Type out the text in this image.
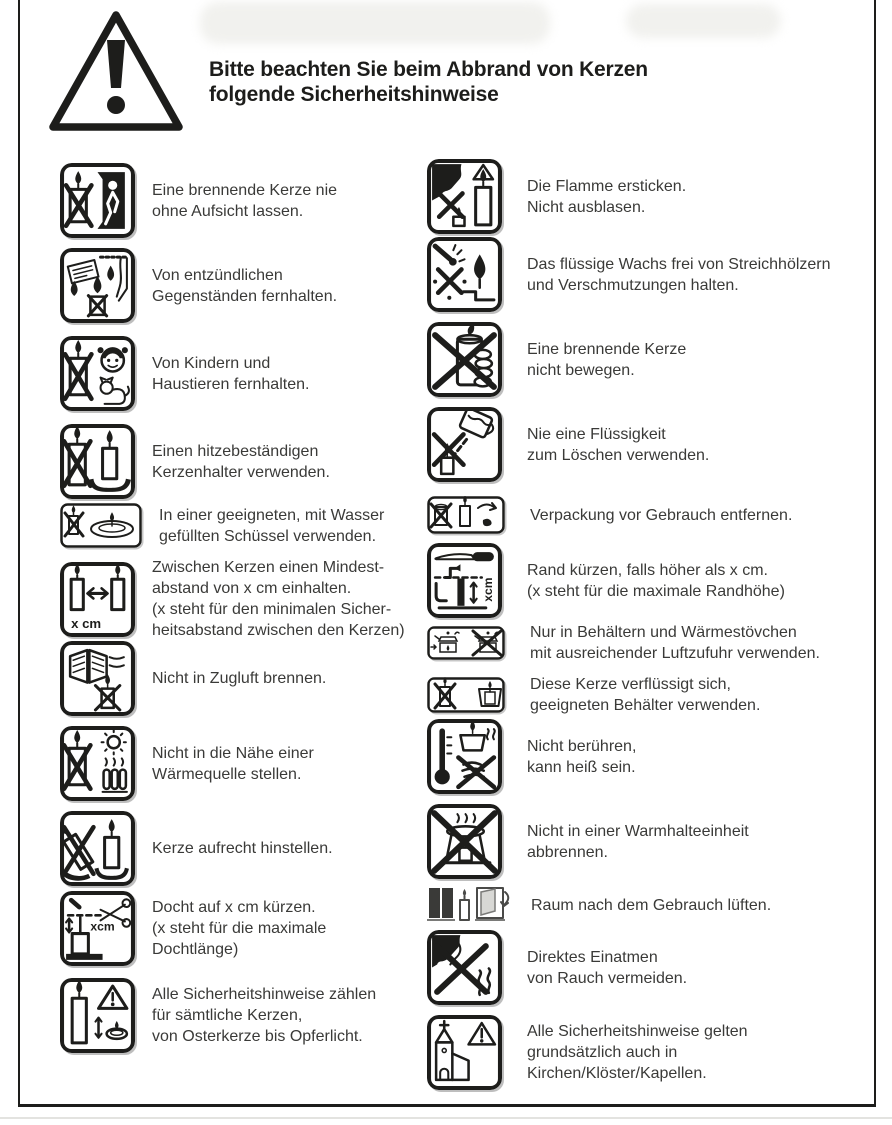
Bitte beachten Sie beim Abbrand von Kerzen
folgende Sicherheitshinweise
Eine brennende Kerze nie
ohne Aufsicht lassen.
Von entzündlichen
Gegenständen fernhalten.
Von Kindern und
Haustieren fernhalten.
Einen hitzebeständigen
Kerzenhalter verwenden.
In einer geeigneten, mit Wasser
gefüllten Schüssel verwenden.
x cm
Zwischen Kerzen einen Mindest-
abstand von x cm einhalten.
(x steht für den minimalen Sicher-
heitsabstand zwischen den Kerzen)
Nicht in Zugluft brennen.
Nicht in die Nähe einer
Wärmequelle stellen.
Kerze aufrecht hinstellen.
xcm
Docht auf x cm kürzen.
(x steht für die maximale
Dochtlänge)
Alle Sicherheitshinweise zählen
für sämtliche Kerzen,
von Osterkerze bis Opferlicht.
Die Flamme ersticken.
Nicht ausblasen.
Das flüssige Wachs frei von Streichhölzern
und Verschmutzungen halten.
Eine brennende Kerze
nicht bewegen.
Nie eine Flüssigkeit
zum Löschen verwenden.
Verpackung vor Gebrauch entfernen.
xcm
Rand kürzen, falls höher als x cm.
(x steht für die maximale Randhöhe)
Nur in Behältern und Wärmestövchen
mit ausreichender Luftzufuhr verwenden.
Diese Kerze verflüssigt sich,
geeigneten Behälter verwenden.
Nicht berühren,
kann heiß sein.
Nicht in einer Warmhalteeinheit
abbrennen.
Raum nach dem Gebrauch lüften.
Direktes Einatmen
von Rauch vermeiden.
Alle Sicherheitshinweise gelten
grundsätzlich auch in
Kirchen/Klöster/Kapellen.
